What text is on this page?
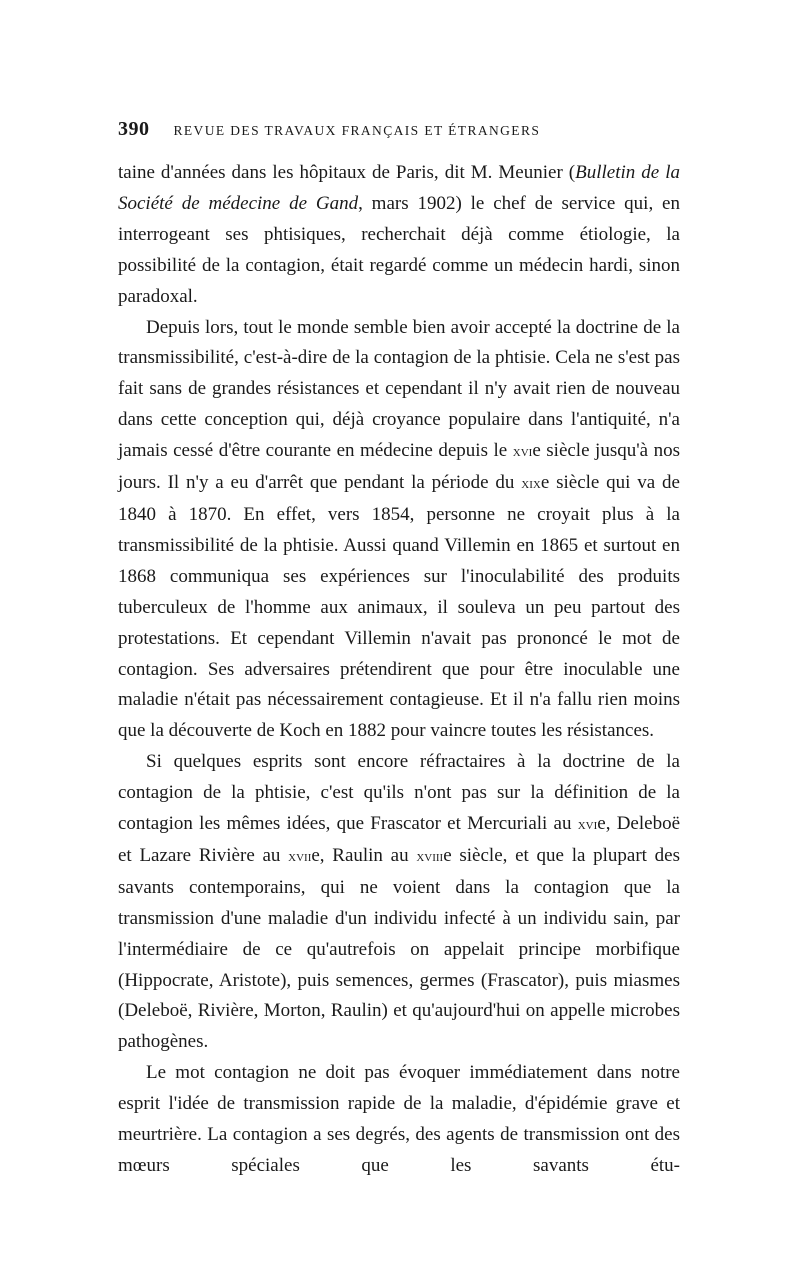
390 REVUE DES TRAVAUX FRANÇAIS ET ÉTRANGERS

taine d'années dans les hôpitaux de Paris, dit M. Meunier (Bulletin de la Société de médecine de Gand, mars 1902) le chef de service qui, en interrogeant ses phtisiques, recherchait déjà comme étiologie, la possibilité de la contagion, était regardé comme un médecin hardi, sinon paradoxal.

Depuis lors, tout le monde semble bien avoir accepté la doctrine de la transmissibilité, c'est-à-dire de la contagion de la phtisie. Cela ne s'est pas fait sans de grandes résistances et cependant il n'y avait rien de nouveau dans cette conception qui, déjà croyance populaire dans l'antiquité, n'a jamais cessé d'être courante en médecine depuis le xvie siècle jusqu'à nos jours. Il n'y a eu d'arrêt que pendant la période du xixe siècle qui va de 1840 à 1870. En effet, vers 1854, personne ne croyait plus à la transmissibilité de la phtisie. Aussi quand Villemin en 1865 et surtout en 1868 communiqua ses expériences sur l'inoculabilité des produits tuberculeux de l'homme aux animaux, il souleva un peu partout des protestations. Et cependant Villemin n'avait pas prononcé le mot de contagion. Ses adversaires prétendirent que pour être inoculable une maladie n'était pas nécessairement contagieuse. Et il n'a fallu rien moins que la découverte de Koch en 1882 pour vaincre toutes les résistances.

Si quelques esprits sont encore réfractaires à la doctrine de la contagion de la phtisie, c'est qu'ils n'ont pas sur la définition de la contagion les mêmes idées, que Frascator et Mercuriali au xvie, Deleboë et Lazare Rivière au xviie, Raulin au xviiie siècle, et que la plupart des savants contemporains, qui ne voient dans la contagion que la transmission d'une maladie d'un individu infecté à un individu sain, par l'intermédiaire de ce qu'autrefois on appelait principe morbifique (Hippocrate, Aristote), puis semences, germes (Frascator), puis miasmes (Deleboë, Rivière, Morton, Raulin) et qu'aujourd'hui on appelle microbes pathogènes.

Le mot contagion ne doit pas évoquer immédiatement dans notre esprit l'idée de transmission rapide de la maladie, d'épidémie grave et meurtrière. La contagion a ses degrés, des agents de transmission ont des mœurs spéciales que les savants étu-
